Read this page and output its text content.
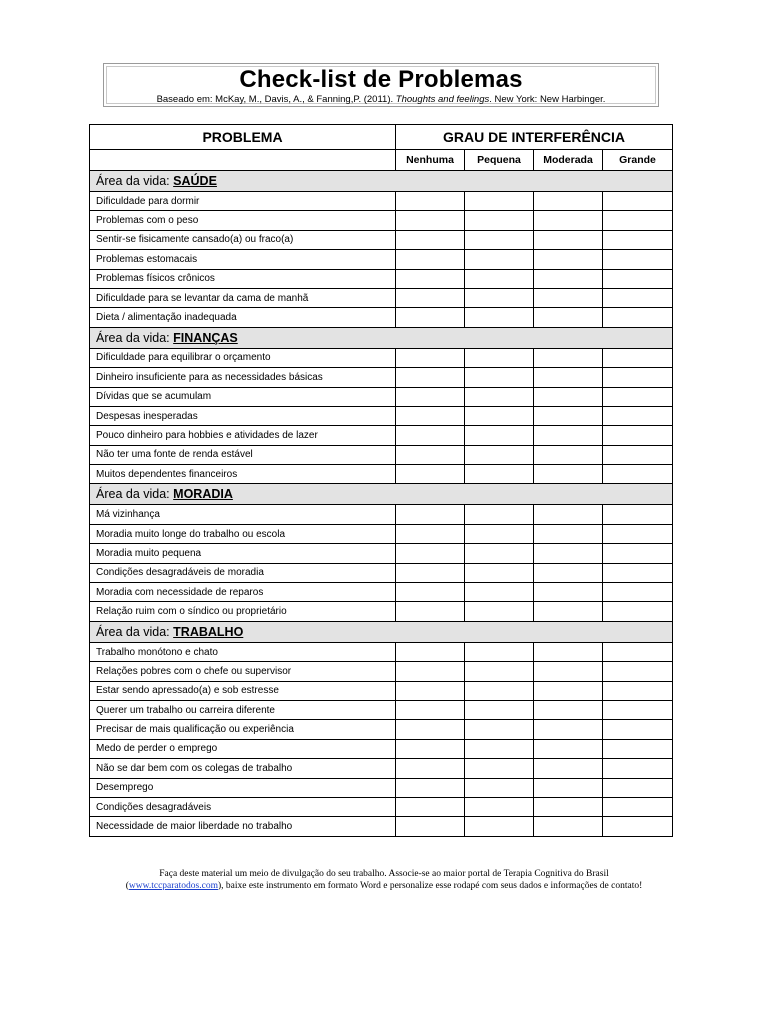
Check-list de Problemas
Baseado em: McKay, M., Davis, A., & Fanning,P. (2011). Thoughts and feelings. New York: New Harbinger.
PROBLEMA	GRAU DE INTERFERÊNCIA			
	Nenhuma	Pequena	Moderada	Grande
Área da vida: SAÚDE				
Dificuldade para dormir				
Problemas com o peso				
Sentir-se fisicamente cansado(a) ou fraco(a)				
Problemas estomacais				
Problemas físicos crônicos				
Dificuldade para se levantar da cama de manhã				
Dieta / alimentação inadequada				
Área da vida: FINANÇAS				
Dificuldade para equilibrar o orçamento				
Dinheiro insuficiente para as necessidades básicas				
Dívidas que se acumulam				
Despesas inesperadas				
Pouco dinheiro para hobbies e atividades de lazer				
Não ter uma fonte de renda estável				
Muitos dependentes financeiros				
Área da vida: MORADIA				
Má vizinhança				
Moradia muito longe do trabalho ou escola				
Moradia muito pequena				
Condições desagradáveis de moradia				
Moradia com necessidade de reparos				
Relação ruim com o síndico ou proprietário				
Área da vida: TRABALHO				
Trabalho monótono e chato				
Relações pobres com o chefe ou supervisor				
Estar sendo apressado(a) e sob estresse				
Querer um trabalho ou carreira diferente				
Precisar de mais qualificação ou experiência				
Medo de perder o emprego				
Não se dar bem com os colegas de trabalho				
Desemprego				
Condições desagradáveis				
Necessidade de maior liberdade no trabalho				
Faça deste material um meio de divulgação do seu trabalho. Associe-se ao maior portal de Terapia Cognitiva do Brasil
(www.tccparatodos.com), baixe este instrumento em formato Word e personalize esse rodapé com seus dados e informações de contato!
